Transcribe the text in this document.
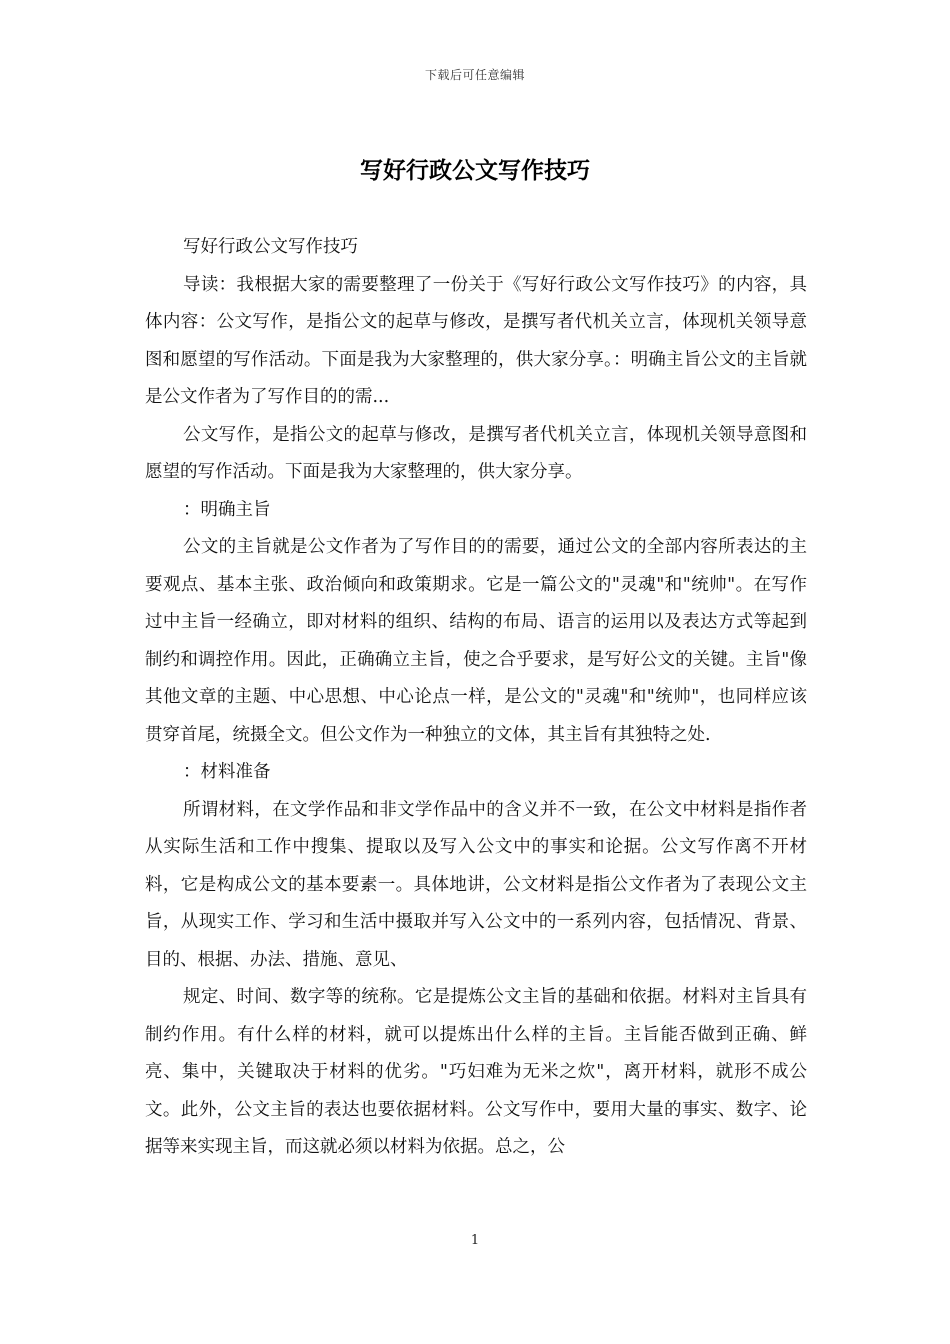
下载后可任意编辑
写好行政公文写作技巧

写好行政公文写作技巧

导读：我根据大家的需要整理了一份关于《写好行政公文写作技巧》的内容，具体内容：公文写作，是指公文的起草与修改，是撰写者代机关立言，体现机关领导意图和愿望的写作活动。下面是我为大家整理的，供大家分享。：明确主旨公文的主旨就是公文作者为了写作目的的需...

公文写作，是指公文的起草与修改，是撰写者代机关立言，体现机关领导意图和愿望的写作活动。下面是我为大家整理的，供大家分享。

：明确主旨

公文的主旨就是公文作者为了写作目的的需要，通过公文的全部内容所表达的主要观点、基本主张、政治倾向和政策期求。它是一篇公文的"灵魂"和"统帅"。在写作过中主旨一经确立，即对材料的组织、结构的布局、语言的运用以及表达方式等起到制约和调控作用。因此，正确确立主旨，使之合乎要求，是写好公文的关键。主旨"像其他文章的主题、中心思想、中心论点一样，是公文的"灵魂"和"统帅"，也同样应该贯穿首尾，统摄全文。但公文作为一种独立的文体，其主旨有其独特之处.

：材料准备

所谓材料，在文学作品和非文学作品中的含义并不一致，在公文中材料是指作者从实际生活和工作中搜集、提取以及写入公文中的事实和论据。公文写作离不开材料，它是构成公文的基本要素一。具体地讲，公文材料是指公文作者为了表现公文主旨，从现实工作、学习和生活中摄取并写入公文中的一系列内容，包括情况、背景、目的、根据、办法、措施、意见、

规定、时间、数字等的统称。它是提炼公文主旨的基础和依据。材料对主旨具有制约作用。有什么样的材料，就可以提炼出什么样的主旨。主旨能否做到正确、鲜亮、集中，关键取决于材料的优劣。"巧妇难为无米之炊"，离开材料，就形不成公文。此外，公文主旨的表达也要依据材料。公文写作中，要用大量的事实、数字、论据等来实现主旨，而这就必须以材料为依据。总之，公

1
